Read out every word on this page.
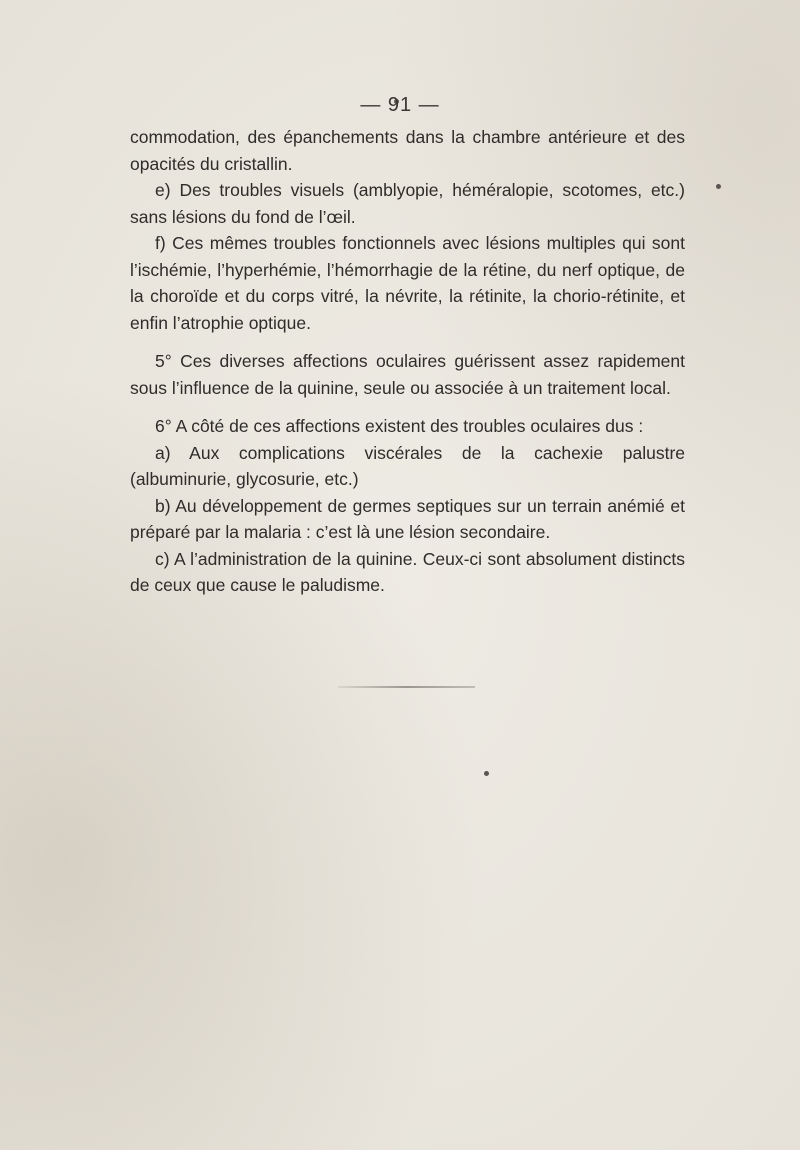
— 91 —

commodation, des épanchements dans la chambre antérieure et des opacités du cristallin.

e) Des troubles visuels (amblyopie, héméralopie, scotomes, etc.) sans lésions du fond de l’œil.

f) Ces mêmes troubles fonctionnels avec lésions multiples qui sont l’ischémie, l’hyperhémie, l’hémorrhagie de la rétine, du nerf optique, de la choroïde et du corps vitré, la névrite, la rétinite, la chorio-rétinite, et enfin l’atrophie optique.

5° Ces diverses affections oculaires guérissent assez rapidement sous l’influence de la quinine, seule ou associée à un traitement local.

6° A côté de ces affections existent des troubles oculaires dus :

a) Aux complications viscérales de la cachexie palustre (albuminurie, glycosurie, etc.)

b) Au développement de germes septiques sur un terrain anémié et préparé par la malaria : c’est là une lésion secondaire.

c) A l’administration de la quinine. Ceux-ci sont absolument distincts de ceux que cause le paludisme.
